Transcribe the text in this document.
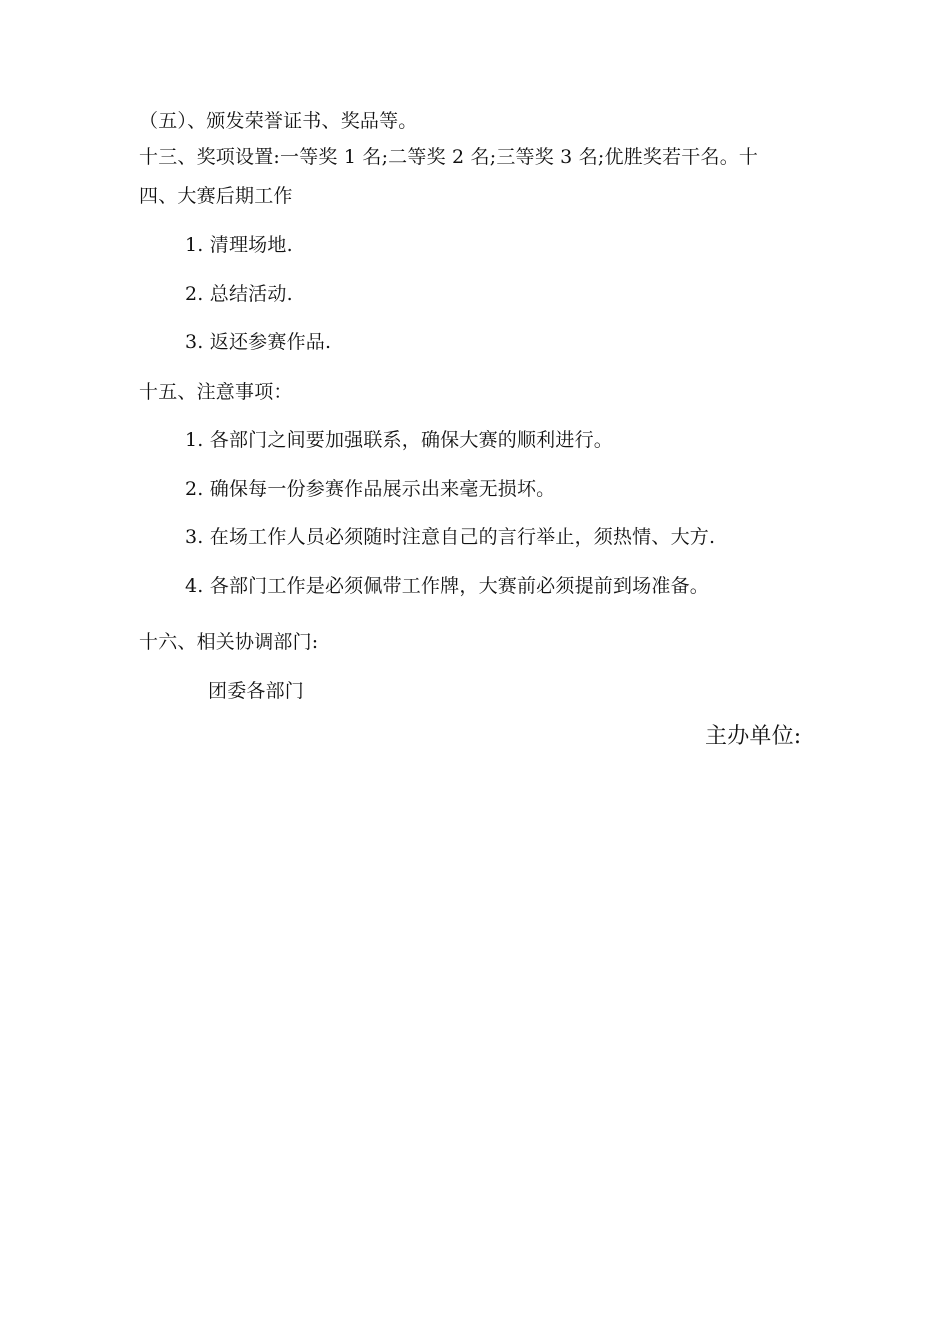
（五）、颁发荣誉证书、奖品等。
十三、奖项设置:一等奖 1 名;二等奖 2 名;三等奖 3 名;优胜奖若干名。十
四、大赛后期工作
1. 清理场地.
2. 总结活动.
3. 返还参赛作品.
十五、注意事项：
1. 各部门之间要加强联系，确保大赛的顺利进行。
2. 确保每一份参赛作品展示出来毫无损坏。
3. 在场工作人员必须随时注意自己的言行举止，须热情、大方.
4. 各部门工作是必须佩带工作牌，大赛前必须提前到场准备。
十六、相关协调部门:
团委各部门
主办单位:
